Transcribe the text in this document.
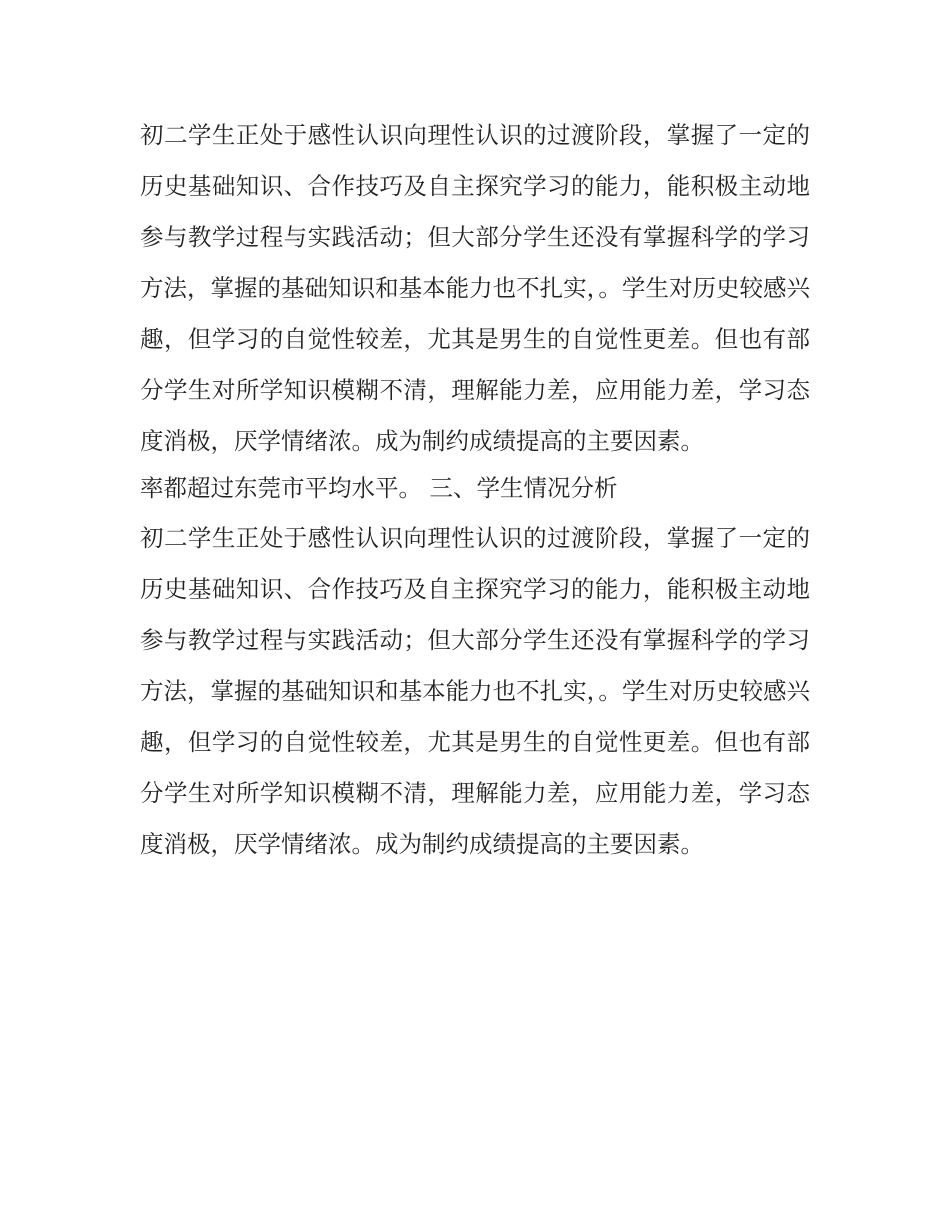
初二学生正处于感性认识向理性认识的过渡阶段，掌握了一定的历史基础知识、合作技巧及自主探究学习的能力，能积极主动地参与教学过程与实践活动；但大部分学生还没有掌握科学的学习方法，掌握的基础知识和基本能力也不扎实，。学生对历史较感兴趣，但学习的自觉性较差，尤其是男生的自觉性更差。但也有部分学生对所学知识模糊不清，理解能力差，应用能力差，学习态度消极，厌学情绪浓。成为制约成绩提高的主要因素。

率都超过东莞市平均水平。 三、学生情况分析

初二学生正处于感性认识向理性认识的过渡阶段，掌握了一定的历史基础知识、合作技巧及自主探究学习的能力，能积极主动地参与教学过程与实践活动；但大部分学生还没有掌握科学的学习方法，掌握的基础知识和基本能力也不扎实，。学生对历史较感兴趣，但学习的自觉性较差，尤其是男生的自觉性更差。但也有部分学生对所学知识模糊不清，理解能力差，应用能力差，学习态度消极，厌学情绪浓。成为制约成绩提高的主要因素。
